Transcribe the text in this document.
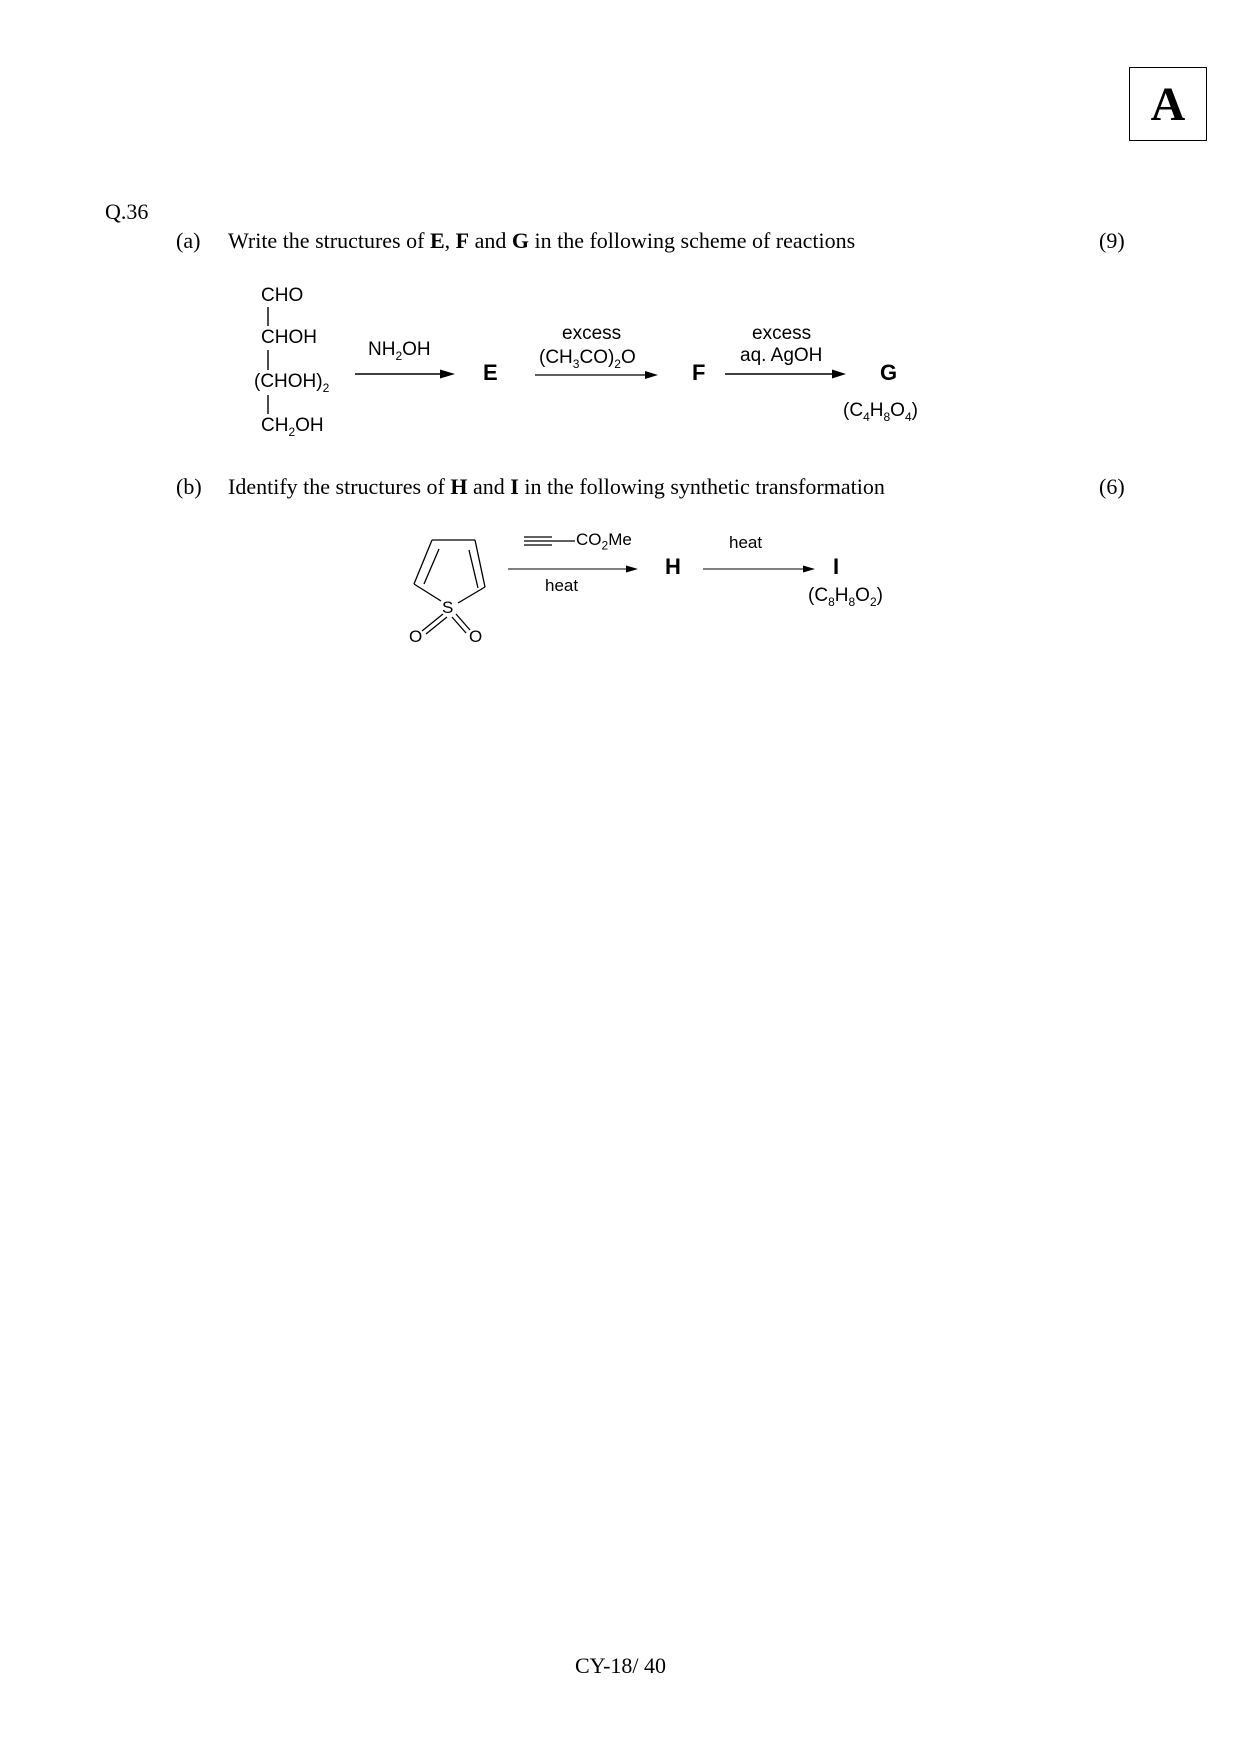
A
Q.36
(a) Write the structures of E, F and G in the following scheme of reactions	(9)
CHO
CHOH
$(CHOH)_2$
$CH_2OH$
$NH_2OH$
E
excess
$(CH_3CO)_2O$
F
excess
aq. AgOH
G
$(C_4H_8O_4)$
(b) Identify the structures of H and I in the following synthetic transformation	(6)
S
O	O
$CO_2Me$
heat
H
heat
I
$(C_8H_8O_2)$
CY-18/ 40
